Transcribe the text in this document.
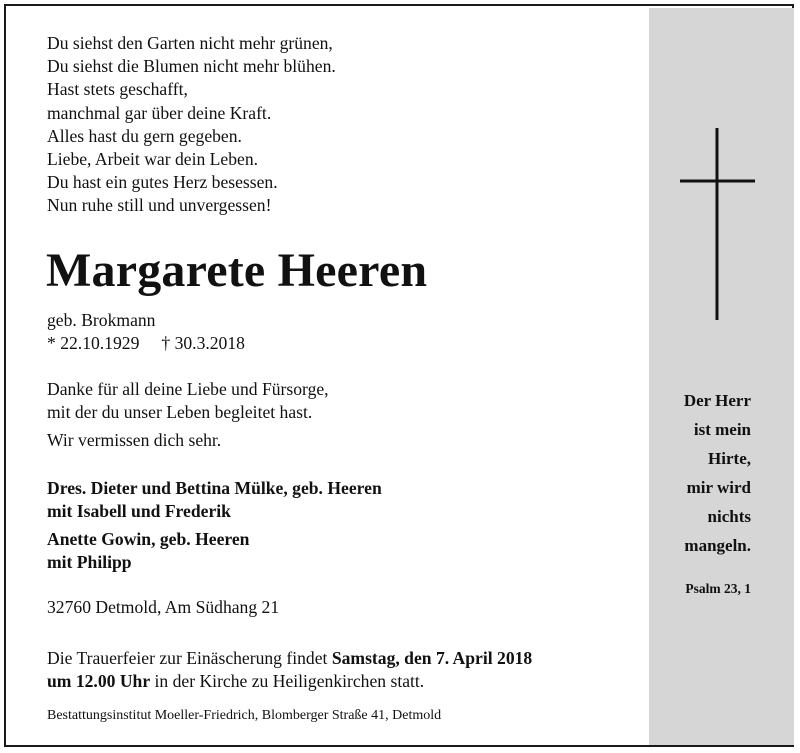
Der Herr
ist mein
Hirte,
mir wird
nichts
mangeln.
Psalm 23, 1
Du siehst den Garten nicht mehr grünen,
Du siehst die Blumen nicht mehr blühen.
Hast stets geschafft,
manchmal gar über deine Kraft.
Alles hast du gern gegeben.
Liebe, Arbeit war dein Leben.
Du hast ein gutes Herz besessen.
Nun ruhe still und unvergessen!
Margarete Heeren
geb. Brokmann
* 22.10.1929 † 30.3.2018
Danke für all deine Liebe und Fürsorge,
mit der du unser Leben begleitet hast.
Wir vermissen dich sehr.
Dres. Dieter und Bettina Mülke, geb. Heeren
mit Isabell und Frederik
Anette Gowin, geb. Heeren
mit Philipp
32760 Detmold, Am Südhang 21
Die Trauerfeier zur Einäscherung findet Samstag, den 7. April 2018
um 12.00 Uhr in der Kirche zu Heiligenkirchen statt.
Bestattungsinstitut Moeller-Friedrich, Blomberger Straße 41, Detmold
